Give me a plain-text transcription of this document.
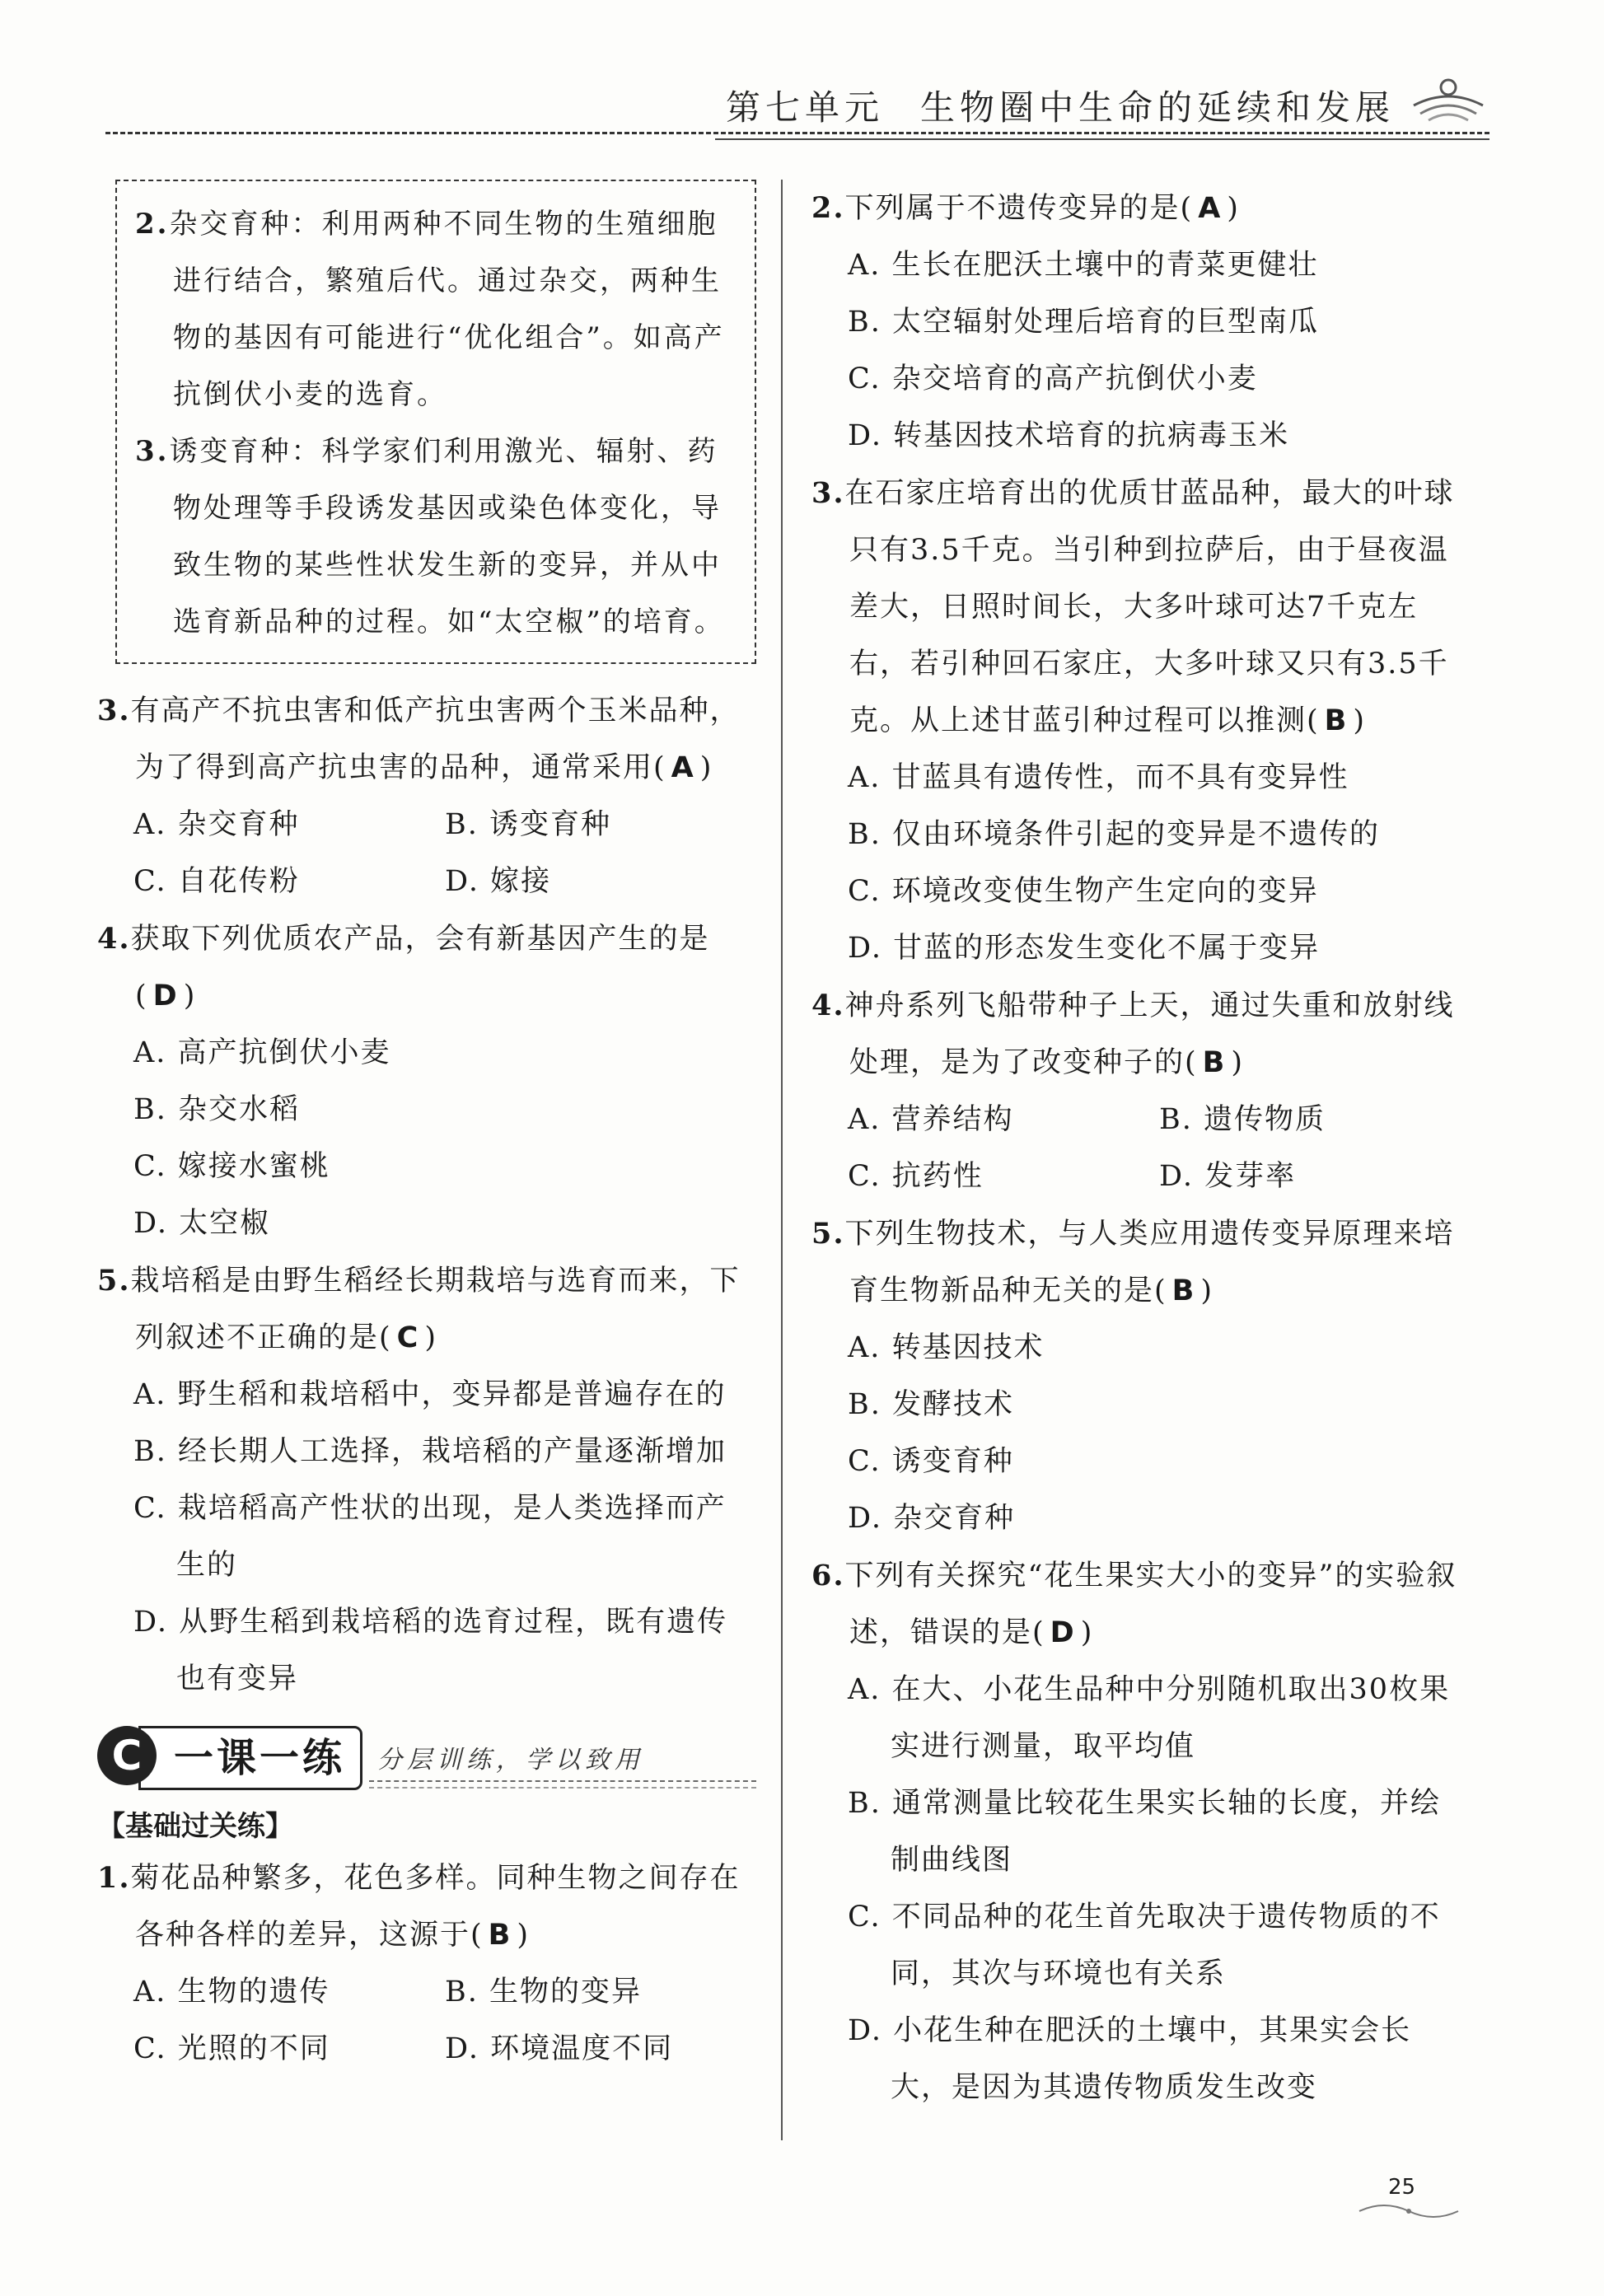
第七单元 生物圈中生命的延续和发展

2.杂交育种：利用两种不同生物的生殖细胞进行结合，繁殖后代。通过杂交，两种生物的基因有可能进行“优化组合”。如高产抗倒伏小麦的选育。

3.诱变育种：科学家们利用激光、辐射、药物处理等手段诱发基因或染色体变化，导致生物的某些性状发生新的变异，并从中选育新品种的过程。如“太空椒”的培育。

3.有高产不抗虫害和低产抗虫害两个玉米品种，为了得到高产抗虫害的品种，通常采用( A )

A. 杂交育种	B. 诱变育种
C. 自花传粉	D. 嫁接

4.获取下列优质农产品，会有新基因产生的是( D )

A. 高产抗倒伏小麦

B. 杂交水稻

C. 嫁接水蜜桃

D. 太空椒

5.栽培稻是由野生稻经长期栽培与选育而来，下列叙述不正确的是( C )

A. 野生稻和栽培稻中，变异都是普遍存在的

B. 经长期人工选择，栽培稻的产量逐渐增加

C. 栽培稻高产性状的出现，是人类选择而产生的

D. 从野生稻到栽培稻的选育过程，既有遗传也有变异

一课一练
C	分层训练，学以致用
【基础过关练】

1.菊花品种繁多，花色多样。同种生物之间存在各种各样的差异，这源于( B )

A. 生物的遗传	B. 生物的变异
C. 光照的不同	D. 环境温度不同

2.下列属于不遗传变异的是( A )

A. 生长在肥沃土壤中的青菜更健壮

B. 太空辐射处理后培育的巨型南瓜

C. 杂交培育的高产抗倒伏小麦

D. 转基因技术培育的抗病毒玉米

3.在石家庄培育出的优质甘蓝品种，最大的叶球只有3.5千克。当引种到拉萨后，由于昼夜温差大，日照时间长，大多叶球可达7千克左右，若引种回石家庄，大多叶球又只有3.5千克。从上述甘蓝引种过程可以推测( B )

A. 甘蓝具有遗传性，而不具有变异性

B. 仅由环境条件引起的变异是不遗传的

C. 环境改变使生物产生定向的变异

D. 甘蓝的形态发生变化不属于变异

4.神舟系列飞船带种子上天，通过失重和放射线处理，是为了改变种子的( B )

A. 营养结构	B. 遗传物质
C. 抗药性	D. 发芽率

5.下列生物技术，与人类应用遗传变异原理来培育生物新品种无关的是( B )

A. 转基因技术

B. 发酵技术

C. 诱变育种

D. 杂交育种

6.下列有关探究“花生果实大小的变异”的实验叙述，错误的是( D )

A. 在大、小花生品种中分别随机取出30枚果实进行测量，取平均值

B. 通常测量比较花生果实长轴的长度，并绘制曲线图

C. 不同品种的花生首先取决于遗传物质的不同，其次与环境也有关系

D. 小花生种在肥沃的土壤中，其果实会长大，是因为其遗传物质发生改变

25
